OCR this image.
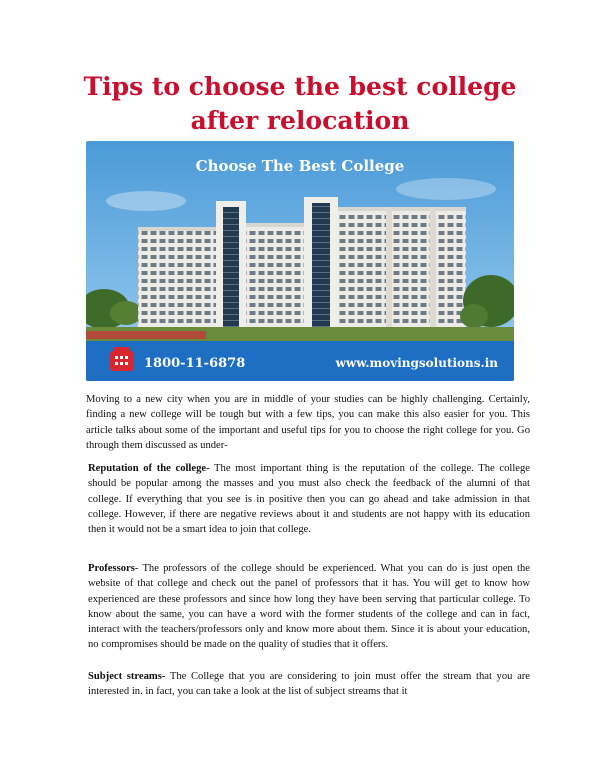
Tips to choose the best college after relocation
Choose The Best College
1800-11-6878	www.movingsolutions.in

Moving to a new city when you are in middle of your studies can be highly challenging. Certainly, finding a new college will be tough but with a few tips, you can make this also easier for you. This article talks about some of the important and useful tips for you to choose the right college for you. Go through them discussed as under-

Reputation of the college- The most important thing is the reputation of the college. The college should be popular among the masses and you must also check the feedback of the alumni of that college. If everything that you see is in positive then you can go ahead and take admission in that college. However, if there are negative reviews about it and students are not happy with its education then it would not be a smart idea to join that college.

Professors- The professors of the college should be experienced. What you can do is just open the website of that college and check out the panel of professors that it has. You will get to know how experienced are these professors and since how long they have been serving that particular college. To know about the same, you can have a word with the former students of the college and can in fact, interact with the teachers/professors only and know more about them. Since it is about your education, no compromises should be made on the quality of studies that it offers.

Subject streams- The College that you are considering to join must offer the stream that you are interested in. in fact, you can take a look at the list of subject streams that it
